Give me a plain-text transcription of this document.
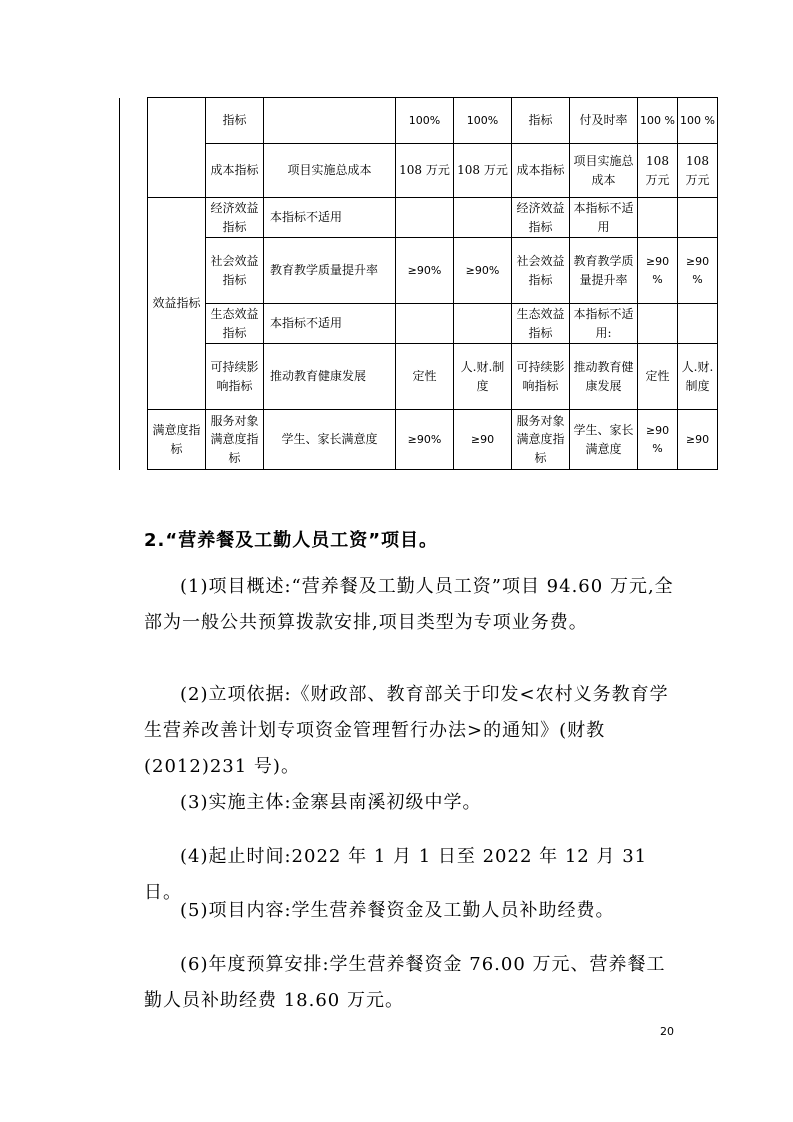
		指标		100%	100%	指标	付及时率	100 %	100 %
		成本指标	项目实施总成本	108 万元	108 万元	成本指标	项目实施总成本	108 万元	108 万元
	效益指标	经济效益指标	本指标不适用			经济效益指标	本指标不适用		
		社会效益指标	教育教学质量提升率	≥90%	≥90%	社会效益指标	教育教学质量提升率	≥90 %	≥90 %
		生态效益指标	本指标不适用			生态效益指标	本指标不适用:		
		可持续影响指标	推动教育健康发展	定性	人.财.制度	可持续影响指标	推动教育健康发展	定性	人.财.制度
	满意度指标	服务对象满意度指标	学生、家长满意度	≥90%	≥90	服务对象满意度指标	学生、家长满意度	≥90 %	≥90

2.“营养餐及工勤人员工资”项目。

(1)项目概述:“营养餐及工勤人员工资”项目 94.60 万元,全部为一般公共预算拨款安排,项目类型为专项业务费。

(2)立项依据:《财政部、教育部关于印发<农村义务教育学生营养改善计划专项资金管理暂行办法>的通知》(财教(2012)231 号)。

(3)实施主体:金寨县南溪初级中学。

(4)起止时间:2022 年 1 月 1 日至 2022 年 12 月 31 日。

(5)项目内容:学生营养餐资金及工勤人员补助经费。

(6)年度预算安排:学生营养餐资金 76.00 万元、营养餐工勤人员补助经费 18.60 万元。

20
